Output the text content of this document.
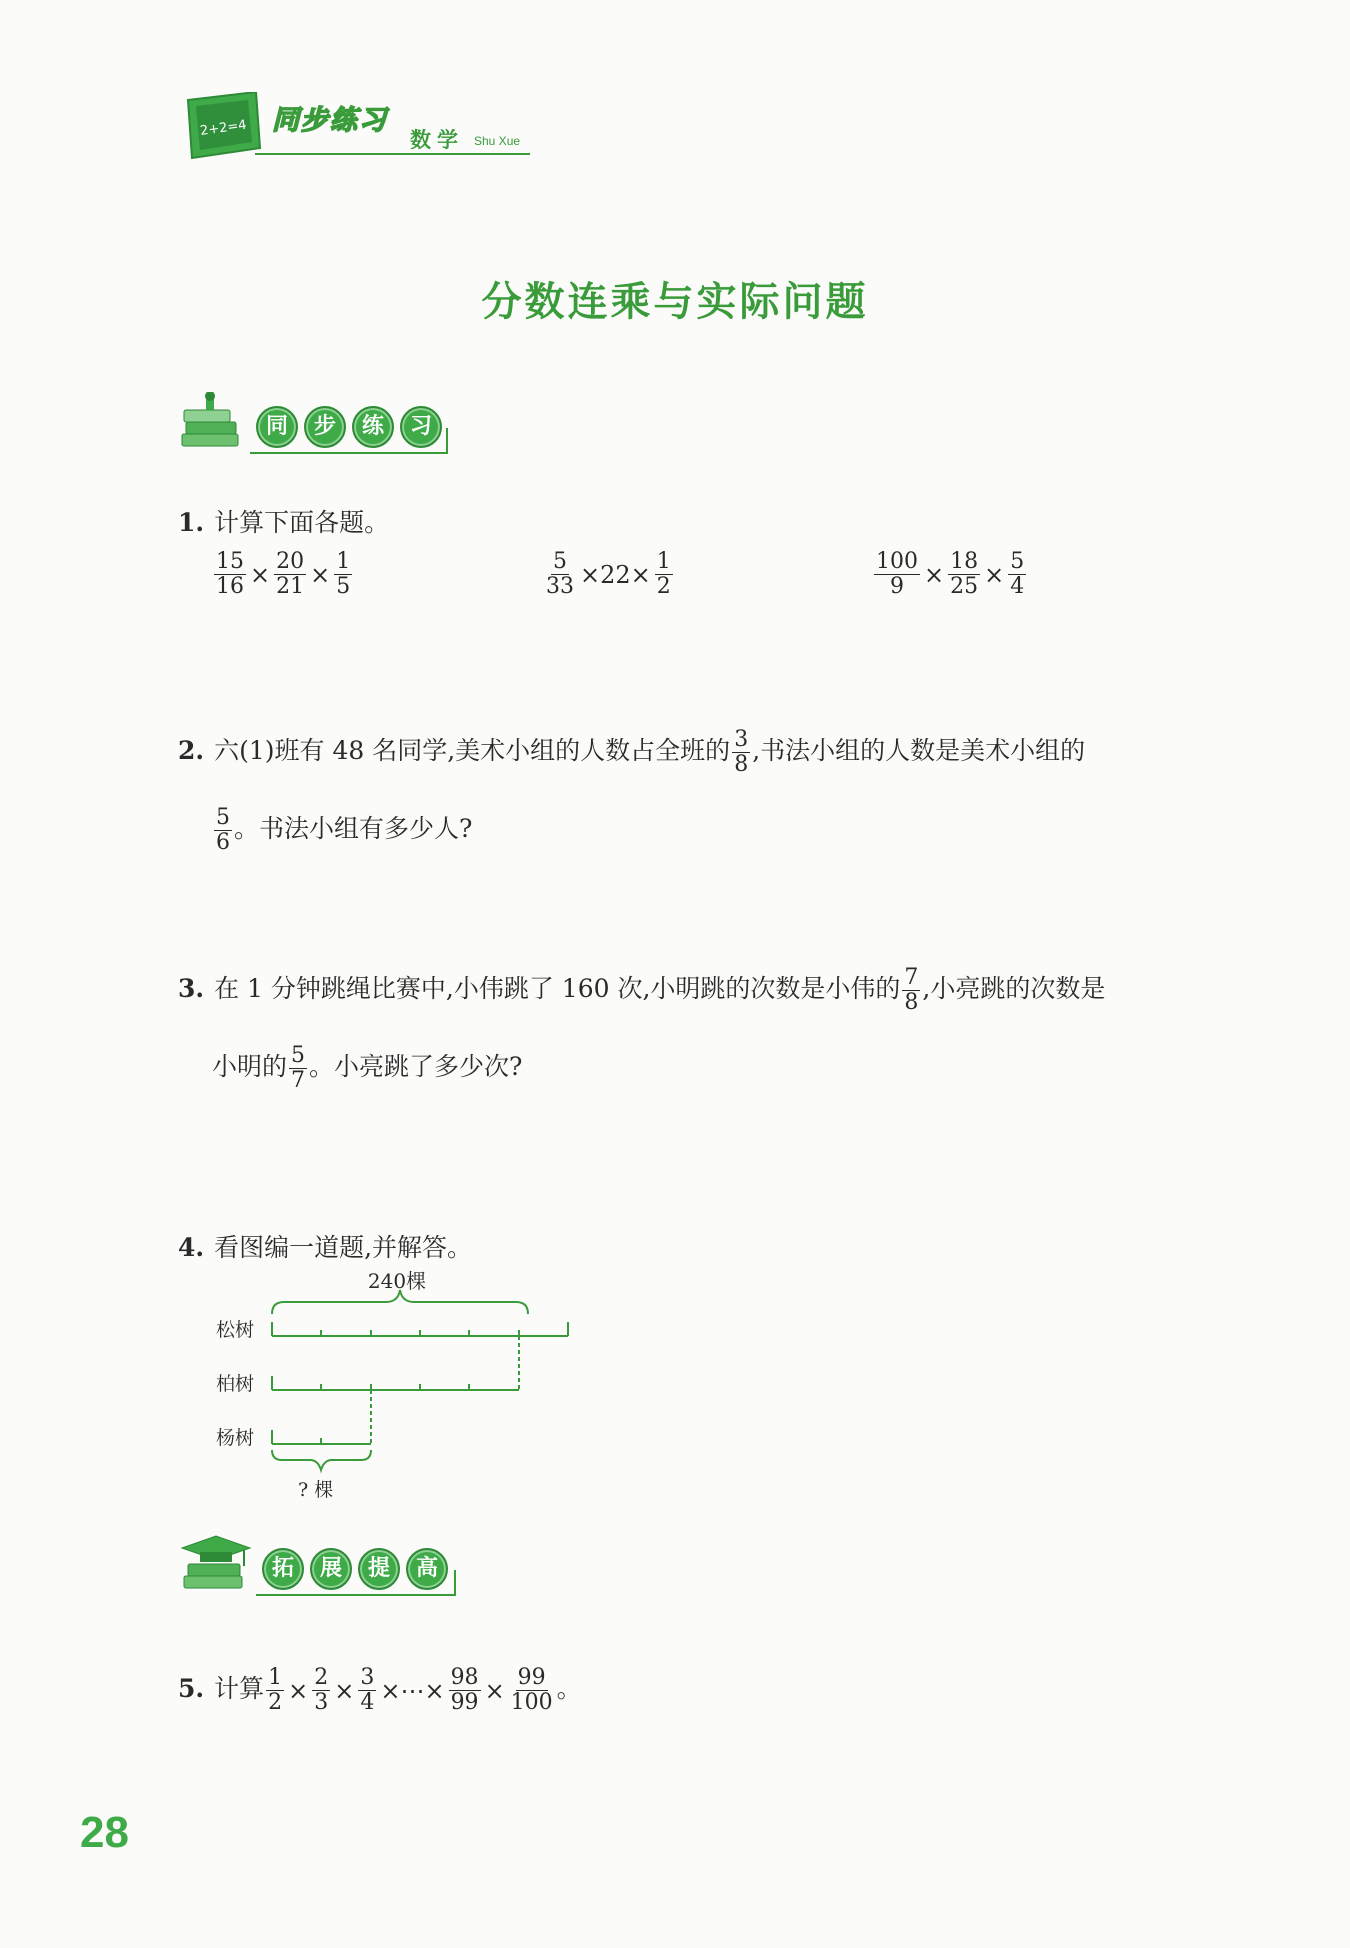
2+2=4 同步练习
数学 Shu Xue
分数连乘与实际问题
同 步 练 习
1. 计算下面各题。
$\frac{15}{16} \times \frac{20}{21} \times \frac{1}{5}$	$\frac{5}{33} \times 22\times \frac{1}{2}$	$\frac{100}{9} \times \frac{18}{25} \times \frac{5}{4}$
2. 六(1)班有 48 名同学,美术小组的人数占全班的 $\frac{3}{8}$ ,书法小组的人数是美术小组的
$\frac{5}{6}$ 。书法小组有多少人?
3. 在 1 分钟跳绳比赛中,小伟跳了 160 次,小明跳的次数是小伟的 $\frac{7}{8}$ ,小亮跳的次数是
小明的 $\frac{5}{7}$ 。小亮跳了多少次?
4. 看图编一道题,并解答。
240棵
松树
柏树
杨树
? 棵
拓 展 提 高
5. 计算 $\frac{1}{2} \times \frac{2}{3} \times \frac{3}{4}$ ×⋯× $\frac{98}{99} \times \frac{99}{100}$ 。
28
